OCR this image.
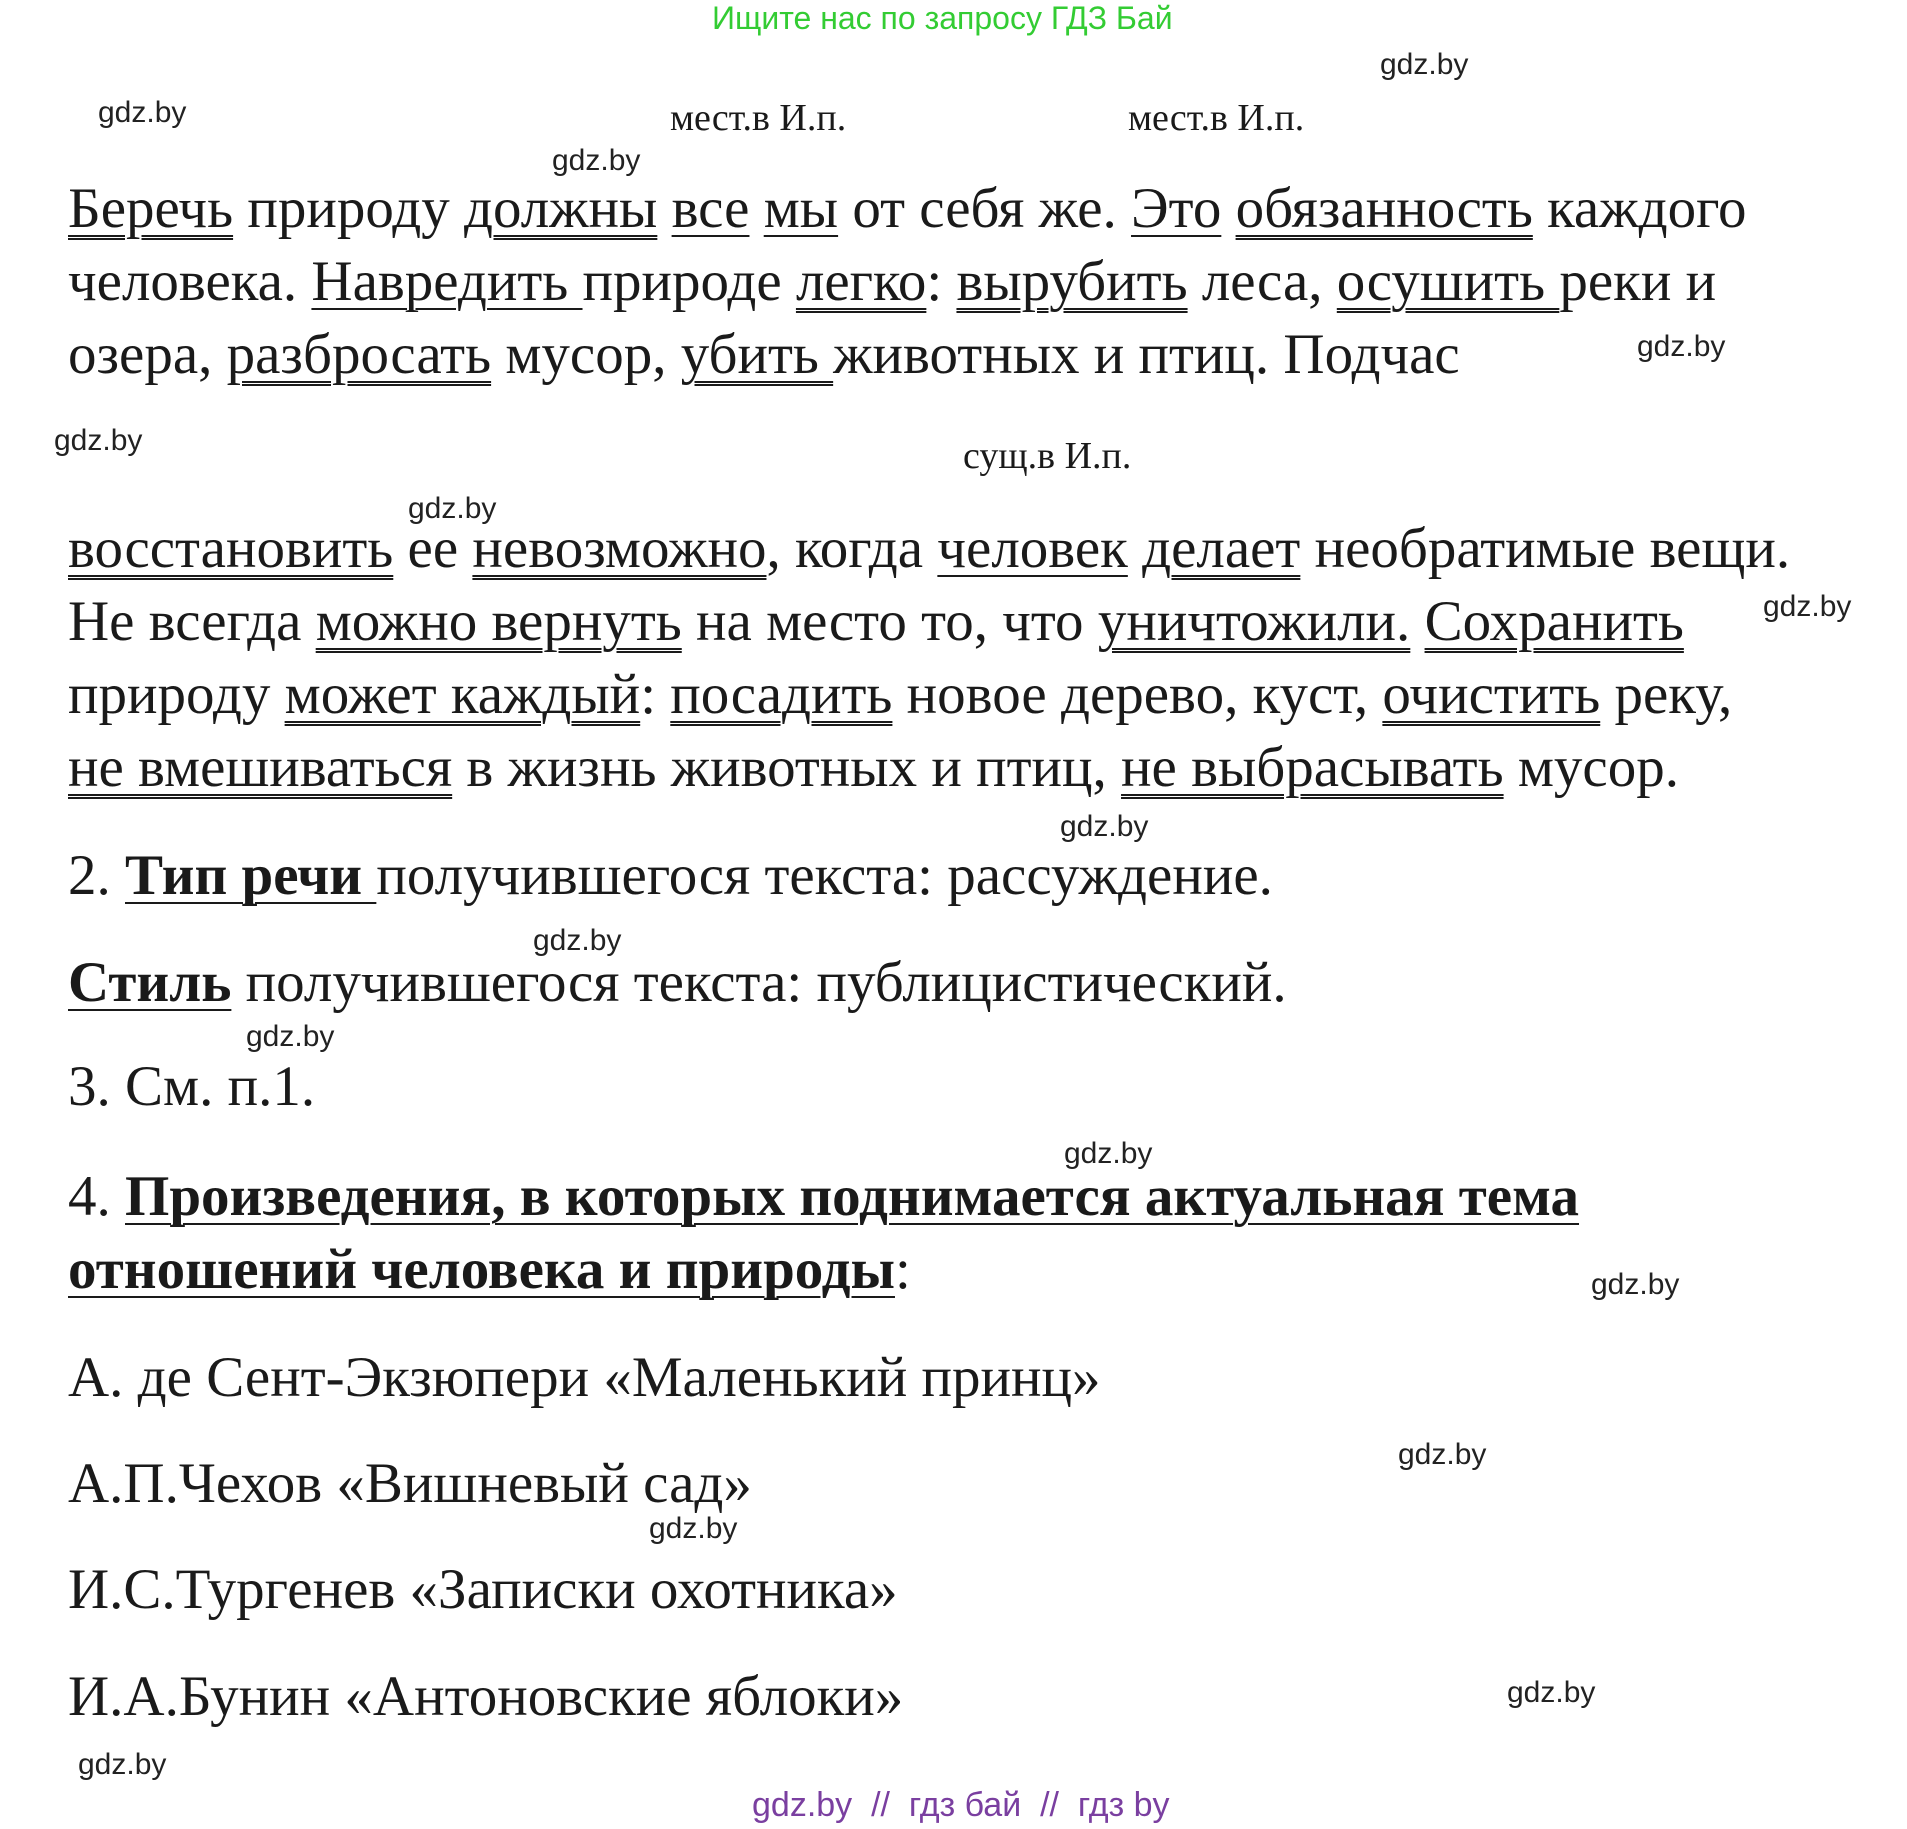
Ищите нас по запросу ГДЗ Бай
gdz.by
gdz.by
gdz.by
gdz.by
gdz.by
gdz.by
gdz.by
gdz.by
gdz.by
gdz.by
gdz.by
gdz.by
gdz.by
gdz.by
gdz.by
gdz.by
мест.в И.п.	мест.в И.п.
сущ.в И.п.
Беречь природу должны все мы от себя же. Это обязанность каждого
человека. Навредить природе легко: вырубить леса, осушить реки и
озера, разбросать мусор, убить животных и птиц. Подчас
восстановить ее невозможно, когда человек делает необратимые вещи.
Не всегда можно вернуть на место то, что уничтожили. Сохранить
природу может каждый: посадить новое дерево, куст, очистить реку,
не вмешиваться в жизнь животных и птиц, не выбрасывать мусор.
2. Тип речи получившегося текста: рассуждение.
Стиль получившегося текста: публицистический.
3. См. п.1.
4. Произведения, в которых поднимается актуальная тема
отношений человека и природы:
А. де Сент-Экзюпери «Маленький принц»
А.П.Чехов «Вишневый сад»
И.С.Тургенев «Записки охотника»
И.А.Бунин «Антоновские яблоки»
gdz.by  //  гдз бай  //  гдз by
